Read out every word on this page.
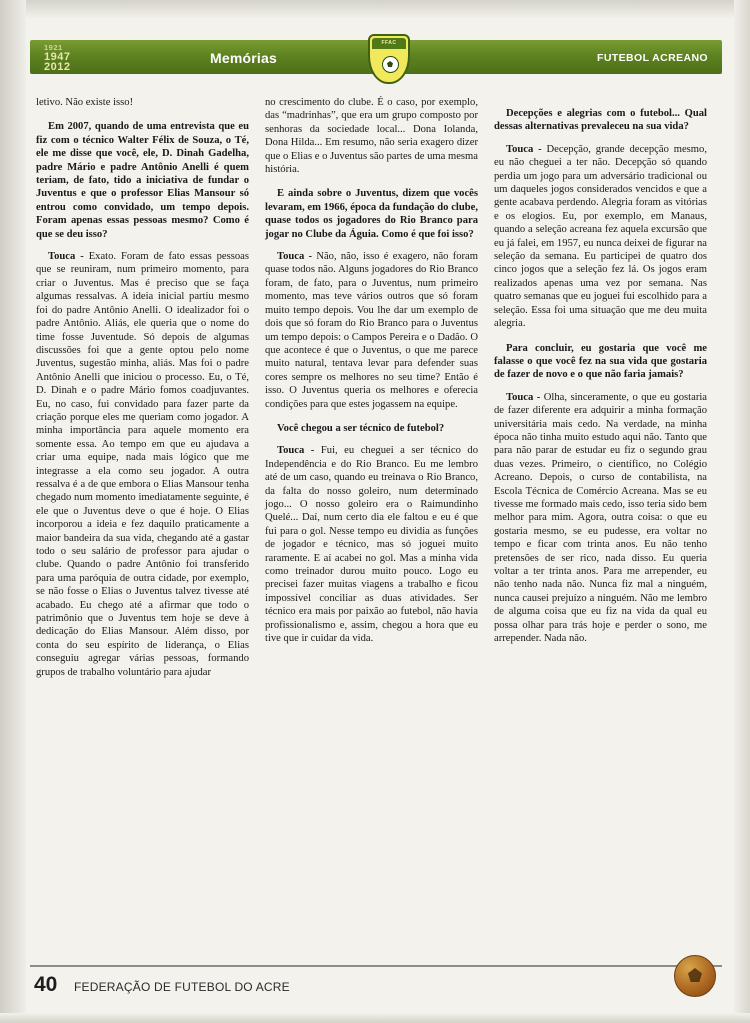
1921
1947
2012
Memórias
FFAC
FUTEBOL ACREANO

letivo. Não existe isso!

Em 2007, quando de uma entrevista que eu fiz com o técnico Walter Félix de Souza, o Té, ele me disse que você, ele, D. Dinah Gadelha, padre Mário e padre Antônio Anelli é quem teriam, de fato, tido a iniciativa de fundar o Juventus e que o professor Elias Mansour só entrou como convidado, um tempo depois. Foram apenas essas pessoas mesmo? Como é que se deu isso?

Touca - Exato. Foram de fato essas pessoas que se reuniram, num primeiro momento, para criar o Juventus. Mas é preciso que se faça algumas ressalvas. A ideia inicial partiu mesmo foi do padre Antônio Anelli. O idealizador foi o padre Antônio. Aliás, ele queria que o nome do time fosse Juventude. Só depois de algumas discussões foi que a gente optou pelo nome Juventus, sugestão minha, aliás. Mas foi o padre Antônio Anelli que iniciou o processo. Eu, o Té, D. Dinah e o padre Mário fomos coadjuvantes. Eu, no caso, fui convidado para fazer parte da criação porque eles me queriam como jogador. A minha importância para aquele momento era somente essa. Ao tempo em que eu ajudava a criar uma equipe, nada mais lógico que me integrasse a ela como seu jogador. A outra ressalva é a de que embora o Elias Mansour tenha chegado num momento imediatamente seguinte, é ele que o Juventus deve o que é hoje. O Elias incorporou a ideia e fez daquilo praticamente a maior bandeira da sua vida, chegando até a gastar todo o seu salário de professor para ajudar o clube. Quando o padre Antônio foi transferido para uma paróquia de outra cidade, por exemplo, se não fosse o Elias o Juventus talvez tivesse até acabado. Eu chego até a afirmar que todo o patrimônio que o Juventus tem hoje se deve à dedicação do Elias Mansour. Além disso, por conta do seu espírito de liderança, o Elias conseguiu agregar várias pessoas, formando grupos de trabalho voluntário para ajudar

no crescimento do clube. É o caso, por exemplo, das “madrinhas”, que era um grupo composto por senhoras da sociedade local... Dona Iolanda, Dona Hilda... Em resumo, não seria exagero dizer que o Elias e o Juventus são partes de uma mesma história.

E ainda sobre o Juventus, dizem que vocês levaram, em 1966, época da fundação do clube, quase todos os jogadores do Rio Branco para jogar no Clube da Águia. Como é que foi isso?

Touca - Não, não, isso é exagero, não foram quase todos não. Alguns jogadores do Rio Branco foram, de fato, para o Juventus, num primeiro momento, mas teve vários outros que só foram muito tempo depois. Vou lhe dar um exemplo de dois que só foram do Rio Branco para o Juventus um tempo depois: o Campos Pereira e o Dadão. O que acontece é que o Juventus, o que me parece muito natural, tentava levar para defender suas cores sempre os melhores no seu time? Então é isso. O Juventus queria os melhores e oferecia condições para que estes jogassem na equipe.

Você chegou a ser técnico de futebol?

Touca - Fui, eu cheguei a ser técnico do Independência e do Rio Branco. Eu me lembro até de um caso, quando eu treinava o Rio Branco, da falta do nosso goleiro, num determinado jogo... O nosso goleiro era o Raimundinho Quelé... Daí, num certo dia ele faltou e eu é que fui para o gol. Nesse tempo eu dividia as funções de jogador e técnico, mas só joguei muito raramente. E aí acabei no gol. Mas a minha vida como treinador durou muito pouco. Logo eu precisei fazer muitas viagens a trabalho e ficou impossível conciliar as duas atividades. Ser técnico era mais por paixão ao futebol, não havia profissionalismo e, assim, chegou a hora que eu tive que ir cuidar da vida.

Decepções e alegrias com o futebol... Qual dessas alternativas prevaleceu na sua vida?

Touca - Decepção, grande decepção mesmo, eu não cheguei a ter não. Decepção só quando perdia um jogo para um adversário tradicional ou um daqueles jogos considerados vencidos e que a gente acabava perdendo. Alegria foram as vitórias e os elogios. Eu, por exemplo, em Manaus, quando a seleção acreana fez aquela excursão que eu já falei, em 1957, eu nunca deixei de figurar na seleção da semana. Eu participei de quatro dos cinco jogos que a seleção fez lá. Os jogos eram realizados apenas uma vez por semana. Nas quatro semanas que eu joguei fui escolhido para a seleção. Essa foi uma situação que me deu muita alegria.

Para concluir, eu gostaria que você me falasse o que você fez na sua vida que gostaria de fazer de novo e o que não faria jamais?

Touca - Olha, sinceramente, o que eu gostaria de fazer diferente era adquirir a minha formação universitária mais cedo. Na verdade, na minha época não tinha muito estudo aqui não. Tanto que para não parar de estudar eu fiz o segundo grau duas vezes. Primeiro, o científico, no Colégio Acreano. Depois, o curso de contabilista, na Escola Técnica de Comércio Acreana. Mas se eu tivesse me formado mais cedo, isso teria sido bem melhor para mim. Agora, outra coisa: o que eu gostaria mesmo, se eu pudesse, era voltar no tempo e ficar com trinta anos. Eu não tenho pretensões de ser rico, nada disso. Eu queria voltar a ter trinta anos. Para me arrepender, eu não tenho nada não. Nunca fiz mal a ninguém, nunca causei prejuízo a ninguém. Não me lembro de alguma coisa que eu fiz na vida da qual eu possa olhar para trás hoje e perder o sono, me arrepender. Nada não.

40 FEDERAÇÃO DE FUTEBOL DO ACRE
